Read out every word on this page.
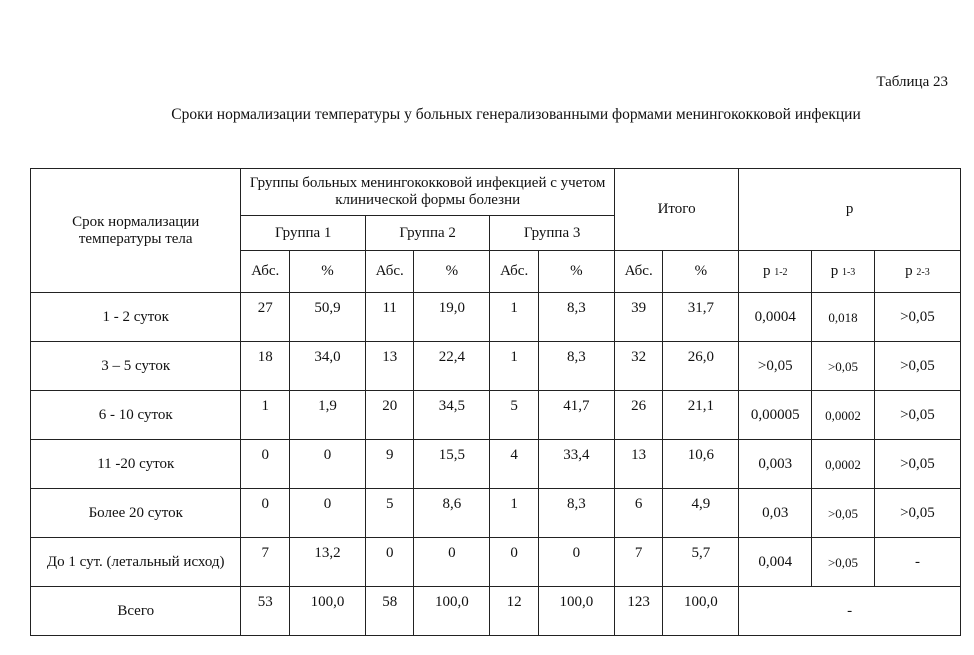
Таблица 23
Сроки нормализации температуры у больных генерализованными формами менингококковой инфекции
Срок нормализации температуры тела	Группы больных менингококковой инфекцией с учетом клинической формы болезни						Итого		р		
	Группа 1		Группа 2		Группа 3						
	Абс.	%	Абс.	%	Абс.	%	Абс.	%	р 1-2	р 1-3	р 2-3
1 - 2 суток	27	50,9	11	19,0	1	8,3	39	31,7	0,0004	0,018	>0,05
3 – 5 суток	18	34,0	13	22,4	1	8,3	32	26,0	>0,05	>0,05	>0,05
6 - 10 суток	1	1,9	20	34,5	5	41,7	26	21,1	0,00005	0,0002	>0,05
11 -20 суток	0	0	9	15,5	4	33,4	13	10,6	0,003	0,0002	>0,05
Более 20 суток	0	0	5	8,6	1	8,3	6	4,9	0,03	>0,05	>0,05
До 1 сут. (летальный исход)	7	13,2	0	0	0	0	7	5,7	0,004	>0,05	-
Всего	53	100,0	58	100,0	12	100,0	123	100,0	-		
